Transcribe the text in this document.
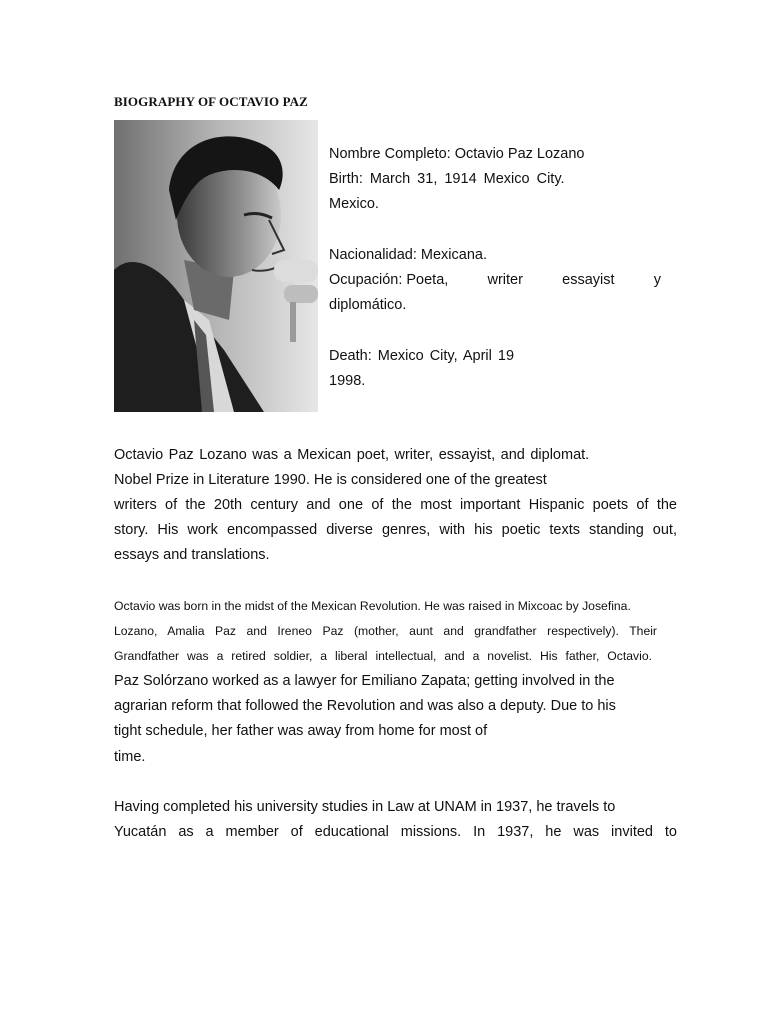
BIOGRAPHY OF OCTAVIO PAZ
Nombre Completo: Octavio Paz Lozano
Birth: March 31, 1914 Mexico City.
Mexico.
Nacionalidad: Mexicana.
Ocupación: Poeta,	writer	essayist	y
diplomático.
Death: Mexico City, April 19
1998.
Octavio Paz Lozano was a Mexican poet, writer, essayist, and diplomat.
Nobel Prize in Literature 1990. He is considered one of the greatest
writers of the 20th century and one of the most important Hispanic poets of the
story. His work encompassed diverse genres, with his poetic texts standing out,
essays and translations.
Octavio was born in the midst of the Mexican Revolution. He was raised in Mixcoac by Josefina.
Lozano, Amalia Paz and Ireneo Paz (mother, aunt and grandfather respectively). Their
Grandfather was a retired soldier, a liberal intellectual, and a novelist. His father, Octavio.
Paz Solórzano worked as a lawyer for Emiliano Zapata; getting involved in the
agrarian reform that followed the Revolution and was also a deputy. Due to his
tight schedule, her father was away from home for most of
time.
Having completed his university studies in Law at UNAM in 1937, he travels to
Yucatán as a member of educational missions. In 1937, he was invited to
